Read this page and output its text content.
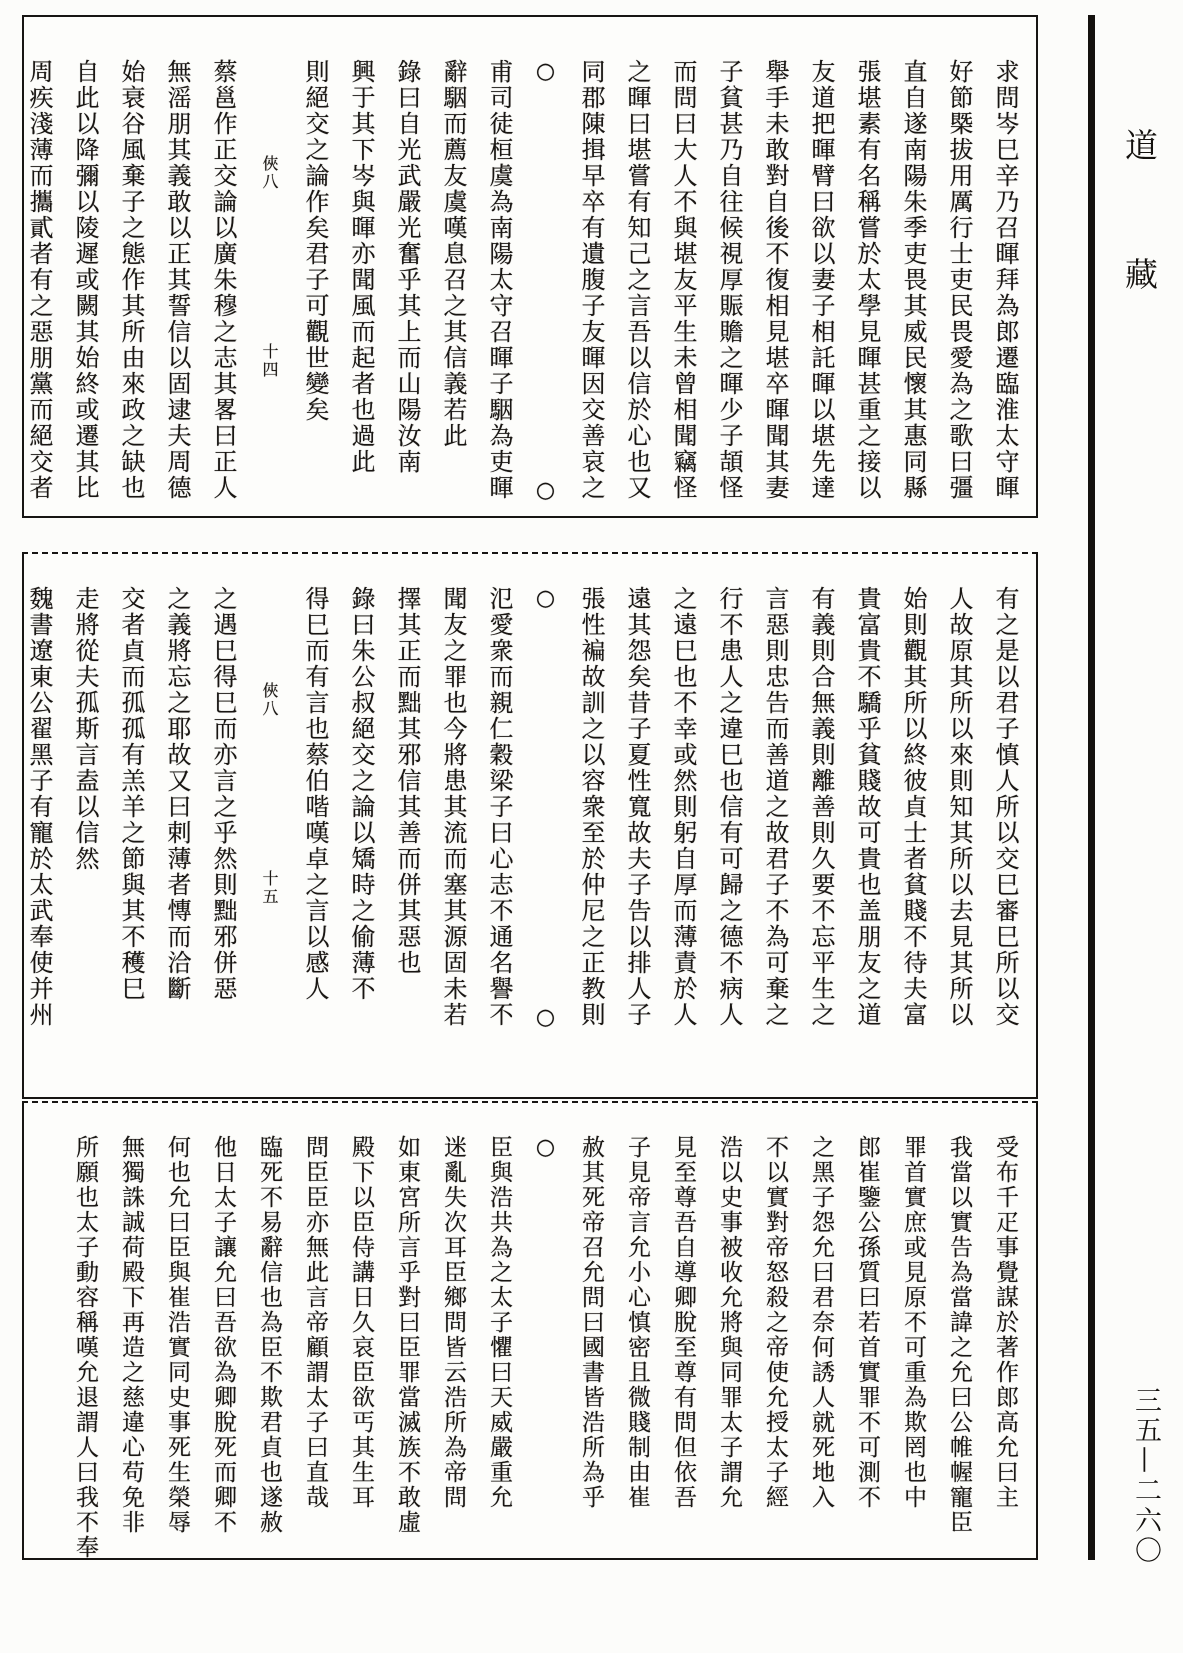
求問岑巳辛乃召暉拜為郎遷臨淮太守暉
好節槩拔用厲行士吏民畏愛為之歌曰彊
直自遂南陽朱季吏畏其威民懷其惠同縣
張堪素有名稱嘗於太學見暉甚重之接以
友道把暉臂曰欲以妻子相託暉以堪先達
舉手未敢對自後不復相見堪卒暉聞其妻
子貧甚乃自往候視厚賑贍之暉少子頡怪
而問曰大人不與堪友平生未曾相聞竊怪
之暉曰堪嘗有知己之言吾以信於心也又
同郡陳揖早卒有遺腹子友暉因交善哀之
○○
甫司徒桓虞為南陽太守召暉子駰為吏暉
辭駰而薦友虞嘆息召之其信義若此
錄曰自光武嚴光奮乎其上而山陽汝南
興于其下岑與暉亦聞風而起者也過此
則絕交之論作矣君子可觀世變矣
俠八十四
蔡邕作正交論以廣朱穆之志其畧曰正人
無滛朋其義敢以正其誓信以固逮夫周德
始衰谷風棄子之態作其所由來政之缺也
自此以降彌以陵遲或闕其始終或遷其比
周疾淺薄而攜貳者有之惡朋黨而絕交者
有之是以君子慎人所以交巳審巳所以交
人故原其所以來則知其所以去見其所以
始則觀其所以終彼貞士者貧賤不待夫富
貴富貴不驕乎貧賤故可貴也盖朋友之道
有義則合無義則離善則久要不忘平生之
言惡則忠告而善道之故君子不為可棄之
行不患人之違巳也信有可歸之德不病人
之遠巳也不幸或然則躬自厚而薄責於人
遠其怨矣昔子夏性寬故夫子告以排人子
張性褊故訓之以容衆至於仲尼之正教則
○○
氾愛衆而親仁穀梁子曰心志不通名譽不
聞友之罪也今將患其流而塞其源固未若
擇其正而黜其邪信其善而併其惡也
錄曰朱公叔絕交之論以矯時之偷薄不
得巳而有言也蔡伯喈嘆卓之言以感人
俠八十五
之遇巳得巳而亦言之乎然則黜邪併惡
之義將忘之耶故又曰剌薄者慱而洽斷
交者貞而孤孤有羔羊之節與其不穫巳
走將從夫孤斯言盍以信然
魏書遼東公翟黑子有寵於太武奉使并州
受布千疋事覺謀於著作郎高允曰主
我當以實告為當諱之允曰公帷幄寵臣
罪首實庶或見原不可重為欺罔也中
郎崔鑒公孫質曰若首實罪不可測不
之黑子怨允曰君奈何誘人就死地入
不以實對帝怒殺之帝使允授太子經
浩以史事被收允將與同罪太子謂允
見至尊吾自導卿脫至尊有問但依吾
子見帝言允小心慎密且微賤制由崔
赦其死帝召允問曰國書皆浩所為乎
○
臣與浩共為之太子懼曰天威嚴重允
迷亂失次耳臣鄉問皆云浩所為帝問
如東宮所言乎對曰臣罪當滅族不敢虛
殿下以臣侍講日久哀臣欲丐其生耳
問臣臣亦無此言帝顧謂太子曰直哉
臨死不易辭信也為臣不欺君貞也遂赦
他日太子讓允曰吾欲為卿脫死而卿不
何也允曰臣與崔浩實同史事死生榮辱
無獨誅誠荷殿下再造之慈違心苟免非
所願也太子動容稱嘆允退謂人曰我不奉
道藏
三五—二六〇
